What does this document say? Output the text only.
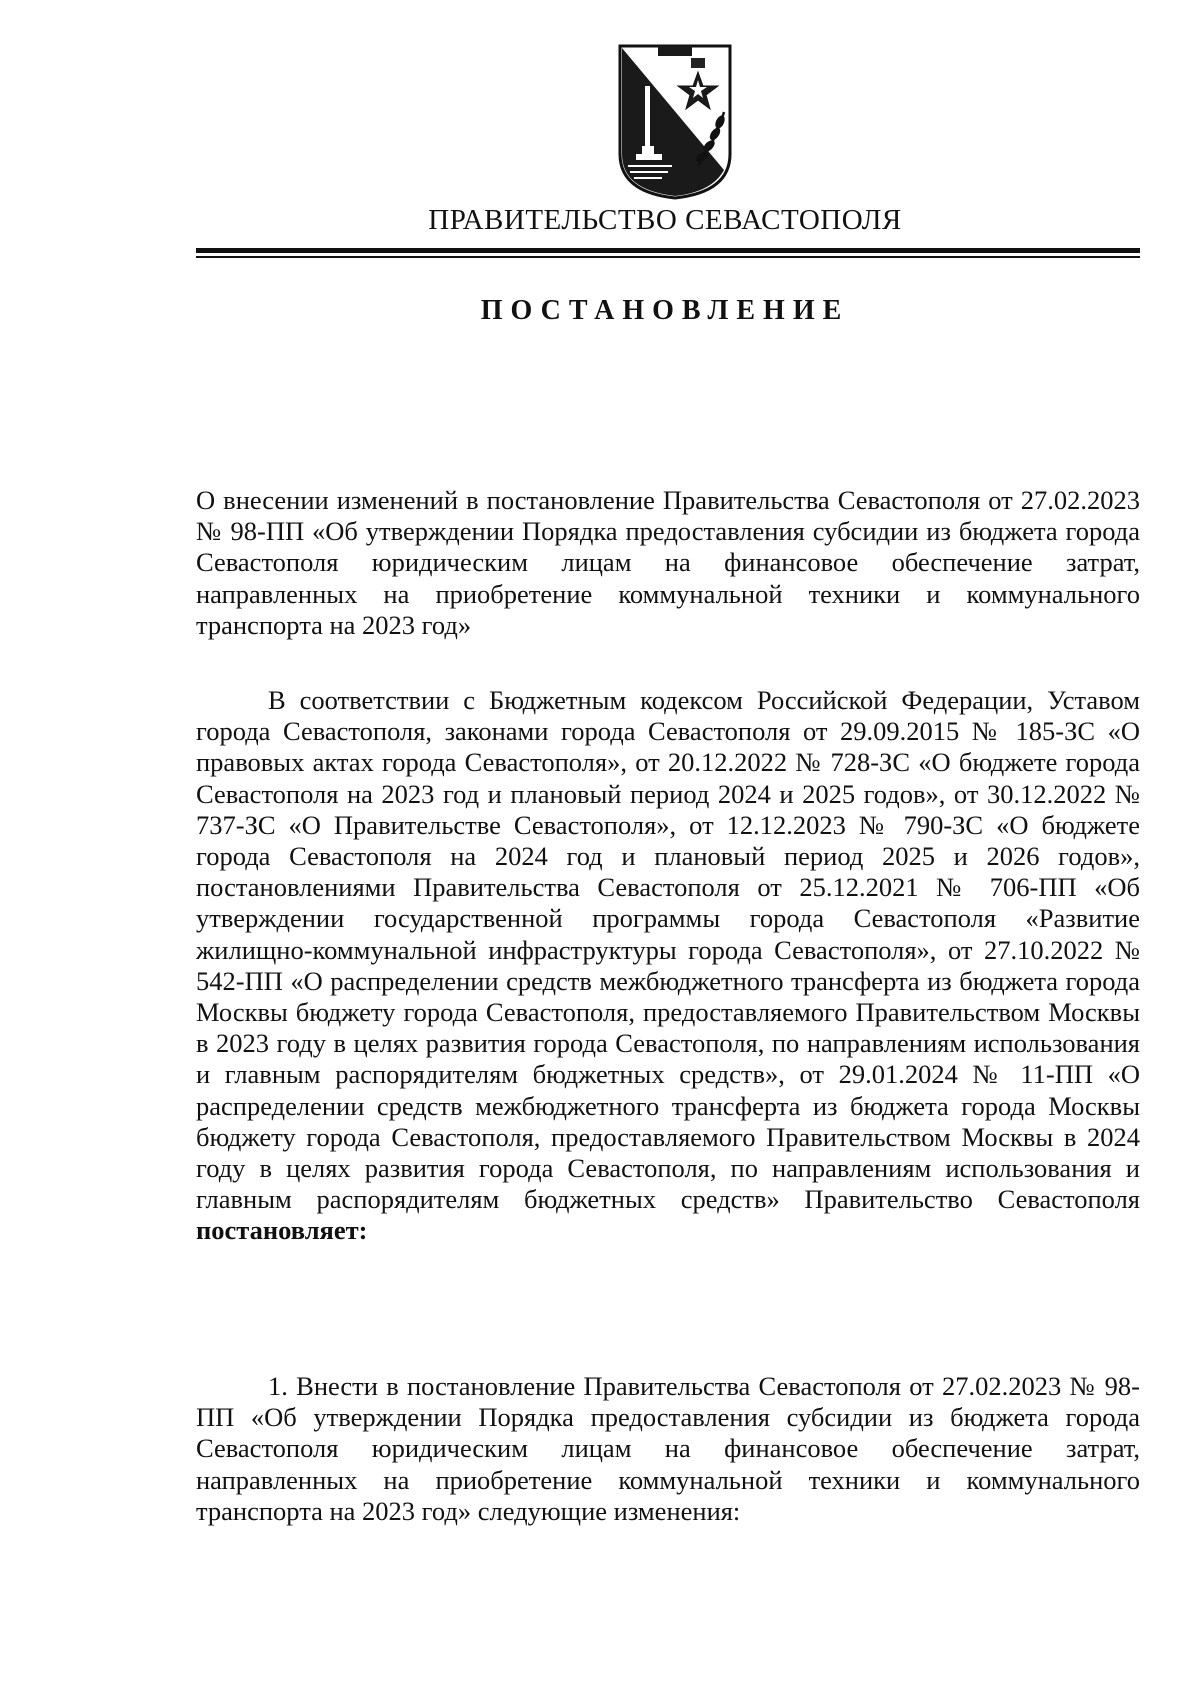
ПРАВИТЕЛЬСТВО СЕВАСТОПОЛЯ
ПОСТАНОВЛЕНИЕ
О внесении изменений в постановление Правительства Севастополя от 27.02.2023 № 98-ПП «Об утверждении Порядка предоставления субсидии из бюджета города Севастополя юридическим лицам на финансовое обеспечение затрат, направленных на приобретение коммунальной техники и коммунального транспорта на 2023 год»
В соответствии с Бюджетным кодексом Российской Федерации, Уставом города Севастополя, законами города Севастополя от 29.09.2015 № 185-ЗС «О правовых актах города Севастополя», от 20.12.2022 № 728-ЗС «О бюджете города Севастополя на 2023 год и плановый период 2024 и 2025 годов», от 30.12.2022 № 737-ЗС «О Правительстве Севастополя», от 12.12.2023 № 790-ЗС «О бюджете города Севастополя на 2024 год и плановый период 2025 и 2026 годов», постановлениями Правительства Севастополя от 25.12.2021 № 706-ПП «Об утверждении государственной программы города Севастополя «Развитие жилищно-коммунальной инфраструктуры города Севастополя», от 27.10.2022 № 542-ПП «О распределении средств межбюджетного трансферта из бюджета города Москвы бюджету города Севастополя, предоставляемого Правительством Москвы в 2023 году в целях развития города Севастополя, по направлениям использования и главным распорядителям бюджетных средств», от 29.01.2024 № 11-ПП «О распределении средств межбюджетного трансферта из бюджета города Москвы бюджету города Севастополя, предоставляемого Правительством Москвы в 2024 году в целях развития города Севастополя, по направлениям использования и главным распорядителям бюджетных средств» Правительство Севастополя постановляет:
1. Внести в постановление Правительства Севастополя от 27.02.2023 № 98-ПП «Об утверждении Порядка предоставления субсидии из бюджета города Севастополя юридическим лицам на финансовое обеспечение затрат, направленных на приобретение коммунальной техники и коммунального транспорта на 2023 год» следующие изменения:
